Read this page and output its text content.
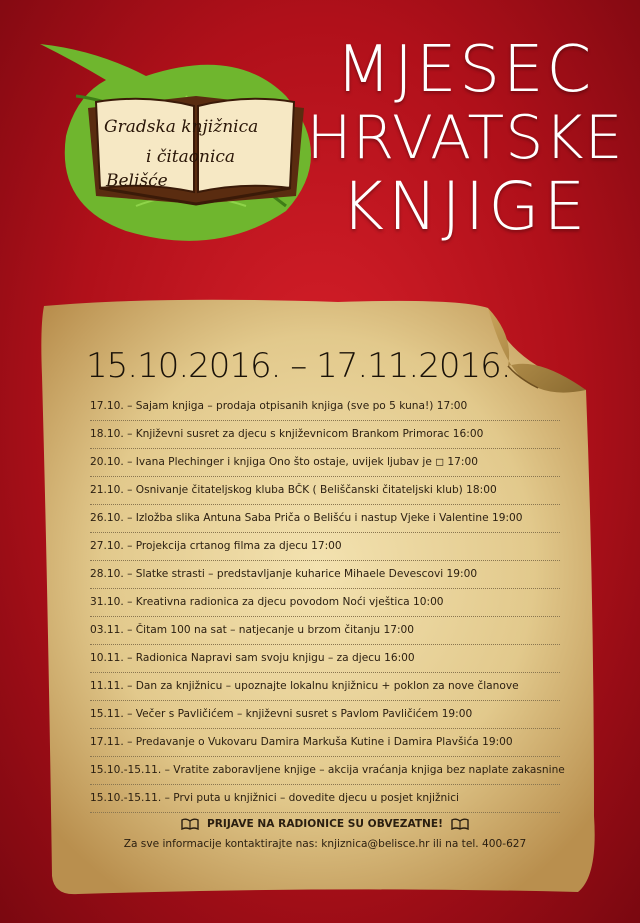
Gradska knjižnica
i čitaonica
Belišće
MJESEC
HRVATSKE
KNJIGE
15.10.2016. – 17.11.2016.
17.10. – Sajam knjiga – prodaja otpisanih knjiga (sve po 5 kuna!) 17:00
18.10. – Književni susret za djecu s književnicom Brankom Primorac 16:00
20.10. – Ivana Plechinger i knjiga Ono što ostaje, uvijek ljubav je ◻ 17:00
21.10. – Osnivanje čitateljskog kluba BČK ( Beliščanski čitateljski klub) 18:00
26.10. – Izložba slika Antuna Saba Priča o Belišću i nastup Vjeke i Valentine 19:00
27.10. – Projekcija crtanog filma za djecu 17:00
28.10. – Slatke strasti – predstavljanje kuharice Mihaele Devescovi 19:00
31.10. – Kreativna radionica za djecu povodom Noći vještica 10:00
03.11. – Čitam 100 na sat – natjecanje u brzom čitanju 17:00
10.11. – Radionica Napravi sam svoju knjigu – za djecu 16:00
11.11. – Dan za knjižnicu – upoznajte lokalnu knjižnicu + poklon za nove članove
15.11. – Večer s Pavličićem – književni susret s Pavlom Pavličićem 19:00
17.11. – Predavanje o Vukovaru Damira Markuša Kutine i Damira Plavšića 19:00
15.10.-15.11. – Vratite zaboravljene knjige – akcija vraćanja knjiga bez naplate zakasnine
15.10.-15.11. – Prvi puta u knjižnici – dovedite djecu u posjet knjižnici
PRIJAVE NA RADIONICE SU OBVEZATNE!
Za sve informacije kontaktirajte nas: knjiznica@belisce.hr ili na tel. 400-627
